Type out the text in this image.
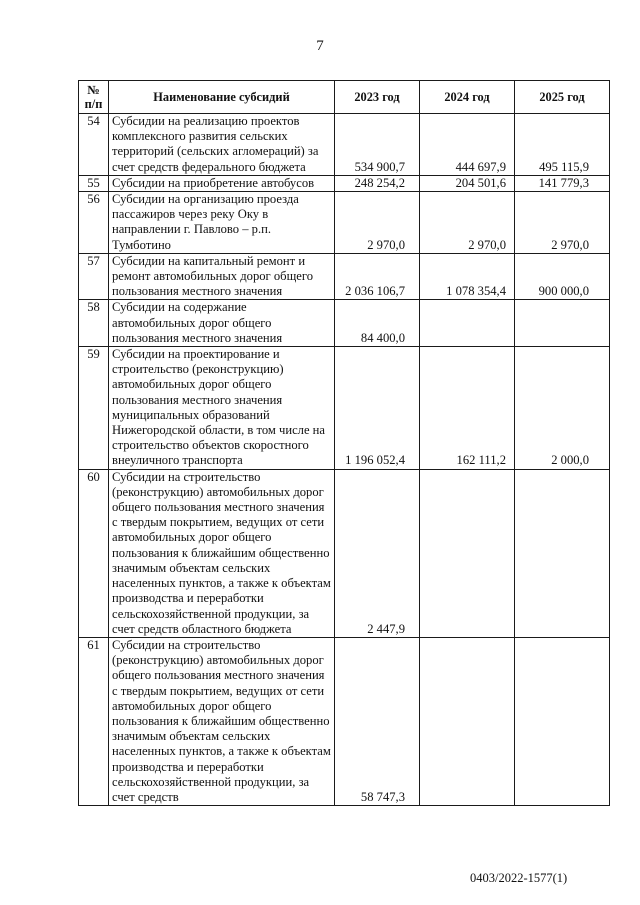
7
№ п/п	Наименование субсидий	2023 год	2024 год	2025 год
54	Субсидии на реализацию проектов комплексного развития сельских территорий (сельских агломераций) за счет средств федерального бюджета	534 900,7	444 697,9	495 115,9
55	Субсидии на приобретение автобусов	248 254,2	204 501,6	141 779,3
56	Субсидии на организацию проезда пассажиров через реку Оку в направлении г. Павлово – р.п. Тумботино	2 970,0	2 970,0	2 970,0
57	Субсидии на капитальный ремонт и ремонт автомобильных дорог общего пользования местного значения	2 036 106,7	1 078 354,4	900 000,0
58	Субсидии на содержание автомобильных дорог общего пользования местного значения	84 400,0		
59	Субсидии на проектирование и строительство (реконструкцию) автомобильных дорог общего пользования местного значения муниципальных образований Нижегородской области, в том числе на строительство объектов скоростного внеуличного транспорта	1 196 052,4	162 111,2	2 000,0
60	Субсидии на строительство (реконструкцию) автомобильных дорог общего пользования местного значения с твердым покрытием, ведущих от сети автомобильных дорог общего пользования к ближайшим общественно значимым объектам сельских населенных пунктов, а также к объектам производства и переработки сельскохозяйственной продукции, за счет средств областного бюджета	2 447,9		
61	Субсидии на строительство (реконструкцию) автомобильных дорог общего пользования местного значения с твердым покрытием, ведущих от сети автомобильных дорог общего пользования к ближайшим общественно значимым объектам сельских населенных пунктов, а также к объектам производства и переработки сельскохозяйственной продукции, за счет средств	58 747,3		
0403/2022-1577(1)
